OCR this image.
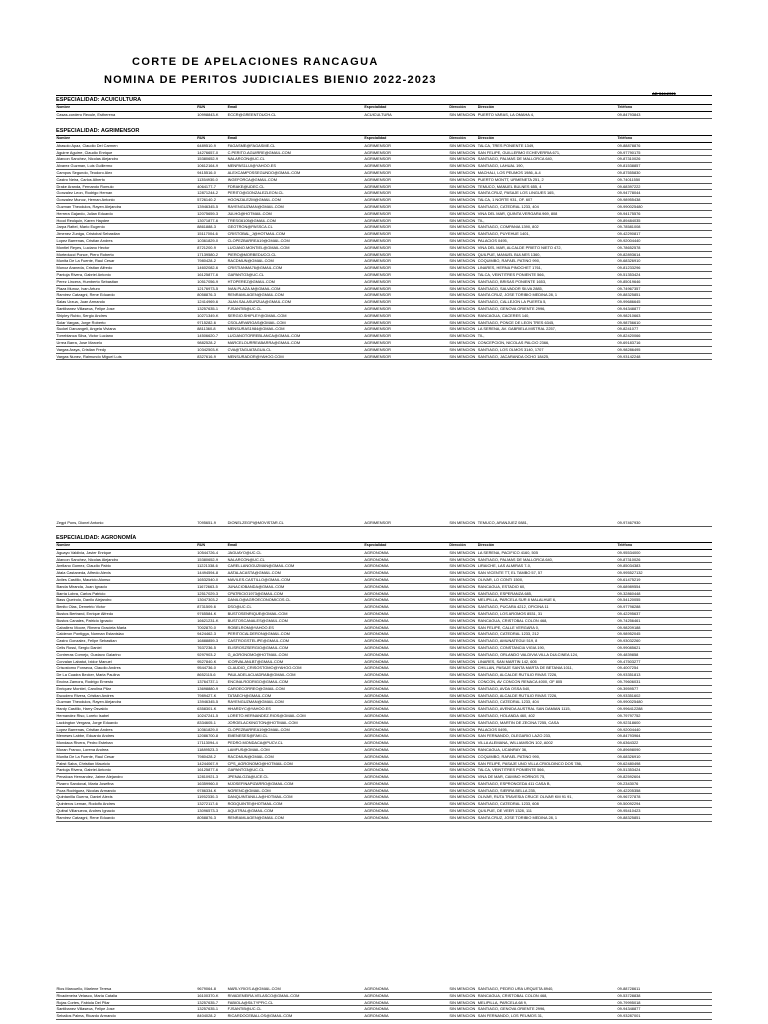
CORTE DE APELACIONES RANCAGUA
NOMINA DE PERITOS JUDICIALES BIENIO 2022-2023
AD 344-2021
ESPECIALIDAD: ACUICULTURA
Nombre	RUN	Email	Especialidad	Dirección	Dirección	Teléfono
Casas-cordero Recule, Estherena	10998843-K	ECCR@GREENTOUCH.CL	ACUICULTURA	SIN MENCION PUERTO VARAS, LA OMAHA 4,	09-84793843
ESPECIALIDAD: AGRIMENSOR
Nombre	RUN	Email	Especialidad	Dirección	Dirección	Teléfono
Abasolo Apaz, Claudio Del Carmen	6489510-9	FAGASME@FAGASME.CL	AGRIMENSOR	SIN MENCION TALCA, TRES PONIENTE 1349,	09-88878876
Aguirre Aguirre, Claudio Enrique	14276657-0	C.PERITO.AGUIRRE@GMAIL.COM	AGRIMENSOR	SIN MENCION SAN FELIPE, GUILLERMO ECHEVERRIA 671,	09-97790175
Alarcon Sanchez, Nicolas Alejandro	15380652-9	NALARCON@UC.CL	AGRIMENSOR	SIN MENCION SANTIAGO, PALMAS DE MALLORCA 640,	09-87310026
Alvarez Guzman, Luis Guillermo	10612164-9	MENPAS1LUI@YAHOO.ES	AGRIMENSOR	SIN MENCION SANTIAGO, LAHUAL 190,	09-81538857
Campos Segundo, Teodoro Alex	9415516-0	ALEXCAMPOSSEGUNDO@GMAIL.COM	AGRIMENSOR	SIN MENCION MACHALI, LOS PEUMOS 1986, A-4	09-87555830
Castro Neira, Carlos Alberto	11354930-0	INGEFORCA@GMAIL.COM	AGRIMENSOR	SIN MENCION PUERTO MONTT, URMENETA 251, 2	09-74011550
Drake Aranda, Fernando Romulo	4064177-7	FDRAKE@UDEC.CL	AGRIMENSOR	SIN MENCION TEMUCO, MANUEL BULNES 655, 4	09-68397222
Gonzalez Leon, Rodrigo Hernan	12871244-2	PERITO@GONZALEZLEON.CL	AGRIMENSOR	SIN MENCION SANTA CRUZ, PASAJE LOS LINGUES 165,	09-94778044
Gonzalez Munoz, Hernan Antonio	5726140-2	HGONZALEZM@GMAIL.COM	AGRIMENSOR	SIN MENCION TALCA, 1 NORTE 931, OF. 607	09-98955438
Guzman Theodulos, Rayen Alejandra	13946345-5	RAYENGUZMAN@GMAIL.COM	AGRIMENSOR	SIN MENCION SANTIAGO, CATEDRAL 1233, 404	09-990025480
Herrera Gajardo, Julian Eduardo	12075659-3	JULHG@HOTMAIL.COM	AGRIMENSOR	SIN MENCION VINA DEL MAR, QUINTA VERGARA 969, 808	09-94175576
Hood Reolquin, Karen Haydee	13071877-6	TRESG6105@GMAIL.COM	AGRIMENSOR	SIN MENCION TIL,	09-89484035
Jarpa Rattel, Mario Eugenio	8861888-3	GEOTRON@PASSCA.CL	AGRIMENSOR	SIN MENCION SANTIAGO, COMPANIA 1390, 802	09-78581008
Jimenez Zuniga, Cristobal Sebastian	15117004-6	CRISTOBAL_J@HOTMAIL.COM	AGRIMENSOR	SIN MENCION SANTIAGO, PUYEHUE 1401,	09-42290817
Lopez Barrenas, Cristian Andres	10361829-0	CLOPEZBARREA19@GMAIL.COM	AGRIMENSOR	SIN MENCION PALACIOS 0495,	09-92004440
Montiel Reyes, Luciano Hector	8721200-9	LUCIANO.MONTIEL@GMAIL.COM	AGRIMENSOR	SIN MENCION VINA DEL MAR, ALCALDE PRIETO NIETO 472,	09-78652578
Morteducci Ponce, Piero Roberto	17139580-2	PIERO@MORBEDUCCI.CL	AGRIMENSOR	SIN MENCION QUILPUE, MANUEL BULNES 1360,	09-82893614
Munita De La Fuente, Raul Cesar	7980428-2	RACDMUN@GMAIL.COM	AGRIMENSOR	SIN MENCION COQUIMBO, RAFAEL PATINO 990,	09-68326910
Munoz Araneda, Cristian Alfredo	14602082-6	CRISTIANMA76@GMAIL.COM	AGRIMENSOR	SIN MENCION LINARES, HERNA PINOCHET 1761,	09-81233296
Pantoja Rivera, Gabriel Antonio	16125877-6	GAPANTO3@UC.CL	AGRIMENSOR	SIN MENCION TALCA, VEINTITRES PONIENTE 566,	09-51353424
Perez Lincera, Humberto Sebastian	10517056-9	HTOPEREZ@GMAIL.COM	AGRIMENSOR	SIN MENCION SANTIAGO, BRISAS PONIENTE 1653,	09-85019646
Plaza Munoz, Ivan Arturo	12176973-5	IVAN.PLAZA.M@GMAIL.COM	AGRIMENSOR	SIN MENCION SANTIAGO, SALVADOR SILVA 2885,	09-74967357
Ramirez Catzagni, Rene Eduardo	8058876-3	RENRAMLAGEN@GMAIL.COM	AGRIMENSOR	SIN MENCION SANTA CRUZ, JOSE TORIBIO MEDINA 28, 1	09-88325851
Salas Urzua, Juan Armando	12414969-6	JUAN.SALASURZUA@GMAIL.COM	AGRIMENSOR	SIN MENCION SANTIAGO, CALLEJON LA PUERTA 5,	09-99686645
Santibanez Villaseca, Felipe Jose	13257635-1	FJSANTIB@UC.CL	AGRIMENSOR	SIN MENCION SANTIAGO, GENOVA ORIENTE 2996,	09-94348877
Shipley Rubio, Sergio Andres	10271349-K	SERGIO.SHIPLEY@GMAIL.COM	AGRIMENSOR	SIN MENCION RANCAGUA, CACERES 140,	09-98210663
Solar Vargas, Jorge Roberto	9715282-6	CSOLARVARGAS@GMAIL.COM	AGRIMENSOR	SIN MENCION SANTIAGO, PONCE DE LEON TRES 6345,	09-98756610
Suckel Darcangeli, Angela Viviana	8811360-8	MENSURAS1984@GMAIL.COM	AGRIMENSOR	SIN MENCION LA SERENA, AV. GABRIELA MISTRAL 2257,	09-8241077
Torreblanca Silva, Victor Luciano	14506620-7	LUCIANOTORREBLANCA@GMAIL.COM	AGRIMENSOR	SIN MENCION TIL,	09-82420066
Urrea Barra, Jose Marcelo	9882528-2	MARCELOURREABARRA@GMAIL.COM	AGRIMENSOR	SIN MENCION CONCEPCION, NICOLAS PALCIO 2366,	09-69183716
Vargas Araya, Cristian Fredy	10342503-K	CVA@TAGUATAGUA.CL	AGRIMENSOR	SIN MENCION SANTIAGO, LOS OLMOS 3140, 1707	09-98286495
Vargas Nunez, Raimundo Miguel Luis	8327616-9	MENSURADOR@YAHOO.COM	AGRIMENSOR	SIN MENCION SANTIAGO, JACARANDA OCHO 18425,	09-93142248
Zegpi Pons, Dionel Antonio	7095651-9	DIONELZEGPI@MOVISTAR.CL	AGRIMENSOR	SIN MENCION TEMUCO, ARANJUEZ 0881,	09-97467930
ESPECIALIDAD: AGRONOMÍA
Nombre	RUN	Email	Especialidad	Dirección	Dirección	Teléfono
Aguayo Valdivia, Javier Enrique	10544726-4	JAGUAYO@UC.CL	AGRONOMIA	SIN MENCION LA SERENA, PACIFICO 4160, 505	09-95534000
Alarcon Sanchez, Nicolas Alejandro	15380652-9	NALARCON@UC.CL	AGRONOMIA	SIN MENCION SANTIAGO, PALMAS DE MALLORCA 640,	09-87310026
Arellano Gomez, Claudio Pablo	11221338-6	CARELLANOGUZMAN@GMAIL.COM	AGRONOMIA	SIN MENCION LIRAICHE, LAS ALMIRAS 7-0,	09-85034383
Atala Castaneda, Alfredo Alexis	14494594-8	AATALACASTA@GMAIL.COM	AGRONOMIA	SIN MENCION SAN VICENTE TT, EL TAMBO 57, 57	09-995527132
Aviles Castillo, Mauricio Alonso	16532540-0	MAVILES.CASTILLO@GMAIL.COM	AGRONOMIA	SIN MENCION OLIVAR, LO CONTI 1500,	09-61475219
Banda Miranda, Juan Ignacio	11672663-5	JUNACIOBANDA@GMAIL.COM	AGRONOMIA	SIN MENCION RANCAGUA, ESTADIO 60,	09-68989554
Barria Lobra, Carlos Patricio	12517029-3	CPATRICIO1973@GMAIL.COM	AGRONOMIA	SIN MENCION SANTIAGO, ESPERANZA 685,	09-32860448
Bass Queirolo, Danilo Alejandro	13047303-2	DANILO@AGROECONOMICOS.CL	AGRONOMIA	SIN MENCION MELIPILLA, PARCELA SUR 8 MALALHUE 6,	09-54120055
Benito Olas, Demetrio Victor	8731509-6	DSO@UC.CL	AGRONOMIA	SIN MENCION SANTIAGO, PUCARA 4212, OFICINA 11	09-97798288
Bustos Bertrand, Enrique Alfredo	9765584-K	BUSTOSENRIQUE@GMAIL.COM	AGRONOMIA	SIN MENCION SANTIAGO, LOS AROMOS 8531, 31	09-42295637
Bustos Canales, Patricio Ignacio	16621231-K	BUSTOSCANALES@GMAIL.COM	AGRONOMIA	SIN MENCION RANCAGUA, CRISTOBAL COLON 468,	09-74256461
Caballero Moore, Rimera Graciela Maria	7002870-0	ROBELROM@YAHOO.ES	AGRONOMIA	SIN MENCION SAN FELIPE, CALLE VERGARA 0,	09-98209188
Calderon Pontigga, Norman Estanislao	9424462-3	PERITOCALDERON@GMAIL.COM	AGRONOMIA	SIN MENCION SANTIAGO, CATEDRAL 1233, 212	09-98952045
Castro Gonzalez, Felipe Sebastian	16888859-3	CASTROGSTELIPE@GMAIL.COM	AGRONOMIA	SIN MENCION SANTIAGO, AMUNATEGUI 519, 8	09-93032260
Celis Rossi, Sergio Daniel	7637236-5	ELISROSZSERGIO@GMAIL.COM	AGRONOMIA	SIN MENCION SANTIAGO, CONSTANCIA VIGIA 190,	09-99085621
Contreras Cornejo, Gustavo Galarino	9297903-2	G_AGRONOMO@HOTMAIL.COM	AGRONOMIA	SIN MENCION SANTIAGO, ORLANDO VALDIVIA VILLA DULCINEA 124,	09-4839858
Corvalan Labatut, Ixidor Manuel	9527840-K	ICORVALANLBT@GMAIL.COM	AGRONOMIA	SIN MENCION LINARES, SAN MARTIN 142, 605	09-47503277
Crisostomo Fonseca, Claudio Andres	9544736-0	CLAUDIO_CRISOSTOMO@YAHOO.COM	AGRONOMIA	SIN MENCION CHILLAN, PASAJE SANTA MARTA DE BETANIA 1011,	09-4007254
De La Cuadra Becker, Maria Paulina	8652115-6	PAULADELACUADRAB@GMAIL.COM	AGRONOMIA	SIN MENCION SANTIAGO, ALCALDE RUTILIO RIVAS 7226,	09-93351813
Encina Zamora, Rodrigo Ernesto	13764737-1	ENCINA.RODRIGO@GMAIL.COM	AGRONOMIA	SIN MENCION CONCON, AV CONCON RENACA 4000, OF 805	09-79606031
Enriquez Montiel, Carolina Pilar	13698880-9	CAROECORREO@GMAIL.COM	AGRONOMIA	SIN MENCION SANTIAGO, AVDA OSSA 540,	09-3959577
Escudero Rivera, Cristian Andres	7989427-K	TATAECH@GMAIL.COM	AGRONOMIA	SIN MENCION SANTIAGO, ALCALDE RUTILIO RIVAS 7226,	09-93351602
Guzman Theodulos, Rayen Alejandra	13946345-5	RAYENGUZMAN@GMAIL.COM	AGRONOMIA	SIN MENCION SANTIAGO, CATEDRAL 1233, 404	09-990025480
Hardy Castillo, Harry Osvaldo	6358301-K	HHARDYC@YAHOO.ES	AGRONOMIA	SIN MENCION SANTIAGO, AVENIDA AUSTRAL SAN DAMIAN 1115,	09-996412288
Hernandez Riso, Loreto Isabel	10247241-5	LORETO.HERNANDEZ.RIOS@GMAIL.COM	AGRONOMIA	SIN MENCION SANTIAGO, HOLANDA 460, 402	09-79797752
Lackington Vergara, Jorge Eduardo	8334605-1	JORGELACKINGTON@HOTMAIL.COM	AGRONOMIA	SIN MENCION SANTIAGO, MARTIN DE ZECINA 7255, CASA	09-92318600
Lopez Barrenas, Cristian Andres	10361829-0	CLOPEZBARREA19@GMAIL.COM	AGRONOMIA	SIN MENCION PALACIOS 0495,	09-92004440
Meneses Labbe, Eduardo Andres	12086700-8	EMENESES@FAKI.CL	AGRONOMIA	SIN MENCION SAN FERNANDO, OLEGARIO LAZO 233,	09-84793964
Mondaca Rivera, Pedro Esteban	17113094-4	PEDRO.MONDACA@PUCV.CL	AGRONOMIA	SIN MENCION VILLA ALEMANA, WILLIAMSON 102, A002	09-6364322
Moran Franco, Lorena Andrea	11889523-3	LAMFUS@GMAIL.COM	AGRONOMIA	SIN MENCION RANCAGUA, UCANRAY 36,	09-89698090
Munita De La Fuente, Raul Cesar	7980428-2	RACDMUN@GMAIL.COM	AGRONOMIA	SIN MENCION COQUIMBO, RAFAEL PATINO 990,	09-68326910
Pabst Saba, Christian Mauricio	14244067-9	CPS_AGRONOMO@HOTMAIL.COM	AGRONOMIA	SIN MENCION SAN FELIPE, PASAJE UNO VILLA CRIOLDINCO DOS 786,	09-62480498
Pantoja Rivera, Gabriel Antonio	16125877-6	GAPANTO3@UC.CL	AGRONOMIA	SIN MENCION TALCA, VEINTITRES PONIENTE 566,	09-51353424
Penaloza Hernandez, Jaime Alejandro	12810921-3	JPENALOZA@UCE.CL	AGRONOMIA	SIN MENCION VINA DE MAR, CAMINO HORNOS 75,	09-82592604
Pizarro Sandoval, Maria Josefina	16359960-0	MJOSEFINAPIZARRO@GMAIL.COM	AGRONOMIA	SIN MENCION SANTIAGO, ESPRONCEDA 411 CASA B,	09-2343076
Poza Rodriguez, Nicolas Armando	9786334-K	NGRENC@GMAIL.COM	AGRONOMIA	SIN MENCION SANTIAGO, SIERRA BELLA 235,	09-42205358
Quintanilla Guerra, Daniel Alexis	11952330-3	DANQUINTANILLA@HOTMAIL.COM	AGRONOMIA	SIN MENCION OLIVAR, RUTA TRAVESIA CRUCE OLIVAR KM 91 91,	09-96727878
Quinteros Leman, Rodolfo Andres	13272117-6	RODQUINTE@HOTMAIL.COM	AGRONOMIA	SIN MENCION SANTIAGO, CATEDRAL 1233, 608	09-50092294
Quitral Villanueva, Andres Ignacio	13096573-3	AQUITRAL@GMAIL.COM	AGRONOMIA	SIN MENCION QUILPUE, DE VEER 1328, 111	09-95410423
Ramirez Catzagni, Rene Eduardo	8058876-3	RENRAMLAGEN@GMAIL.COM	AGRONOMIA	SIN MENCION SANTA CRUZ, JOSE TORIBIO MEDINA 28, 1	09-88325851
Rios Marcuello, Marlene Teresa	9679064-8	MARLY.RIOS.A@GMAIL.COM	AGRONOMIA	SIN MENCION SANTIAGO, PEDRO URA URQUETA 8940,	09-88728611
Rivadeneira Velasco, Maria Catalia	16100370-K	RIVADENEIRA.VELASCO@GMAIL.COM	AGRONOMIA	SIN MENCION RANCAGUA, CRISTOBAL COLON 468,	09-53728838
Rojas Cortes, Fabiola Del Pilar	13257635-7	FABIOLA@SILTYPFIC.CL	AGRONOMIA	SIN MENCION MELIPILLA, PARCELA 68 9,	09-79995018
Santibanez Villaseca, Felipe Jose	13257635-1	FJSANTIB@UC.CL	AGRONOMIA	SIN MENCION SANTIAGO, GENOVA ORIENTE 2996,	09-94348877
Sebalios Palma, Ricardo Armando	8404028-2	RICARDOCEBALLOS@GMAIL.COM	AGRONOMIA	SIN MENCION SAN FERNANDO, LOS PEUMOS 31,	09-93287001
